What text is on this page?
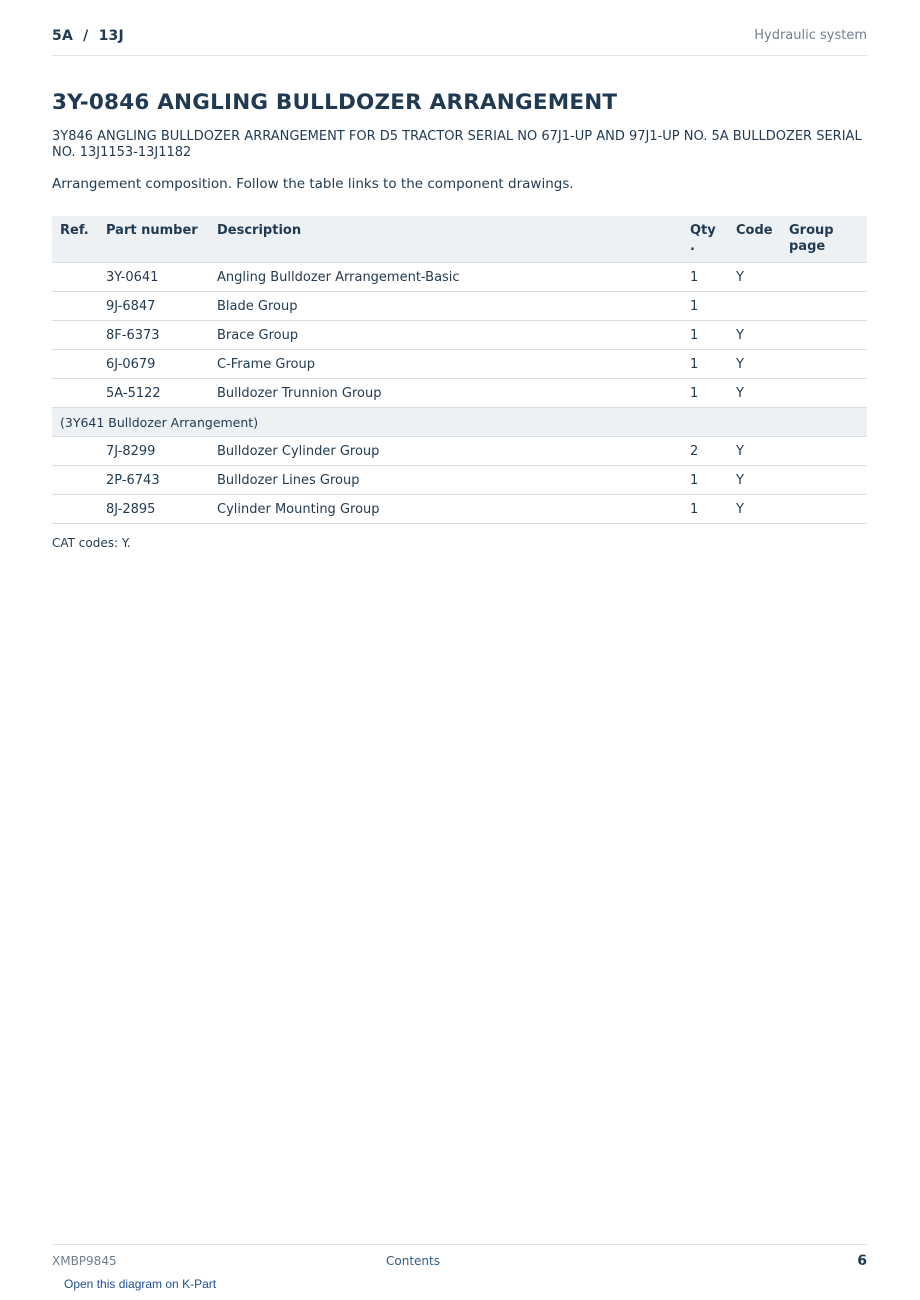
5A  /  13J	Hydraulic system
3Y-0846 ANGLING BULLDOZER ARRANGEMENT

3Y846 ANGLING BULLDOZER ARRANGEMENT FOR D5 TRACTOR SERIAL NO 67J1-UP AND 97J1-UP NO. 5A BULLDOZER SERIAL NO. 13J1153-13J1182

Arrangement composition. Follow the table links to the component drawings.

Ref.	Part number	Description	Qty .	Code	Group page
	3Y-0641	Angling Bulldozer Arrangement-Basic	1	Y	
	9J-6847	Blade Group	1		
	8F-6373	Brace Group	1	Y	
	6J-0679	C-Frame Group	1	Y	
	5A-5122	Bulldozer Trunnion Group	1	Y	
(3Y641 Bulldozer Arrangement)					
	7J-8299	Bulldozer Cylinder Group	2	Y	
	2P-6743	Bulldozer Lines Group	1	Y	
	8J-2895	Cylinder Mounting Group	1	Y	

CAT codes: Y.

XMBP9845	Contents	6
Open this diagram on K-Part
